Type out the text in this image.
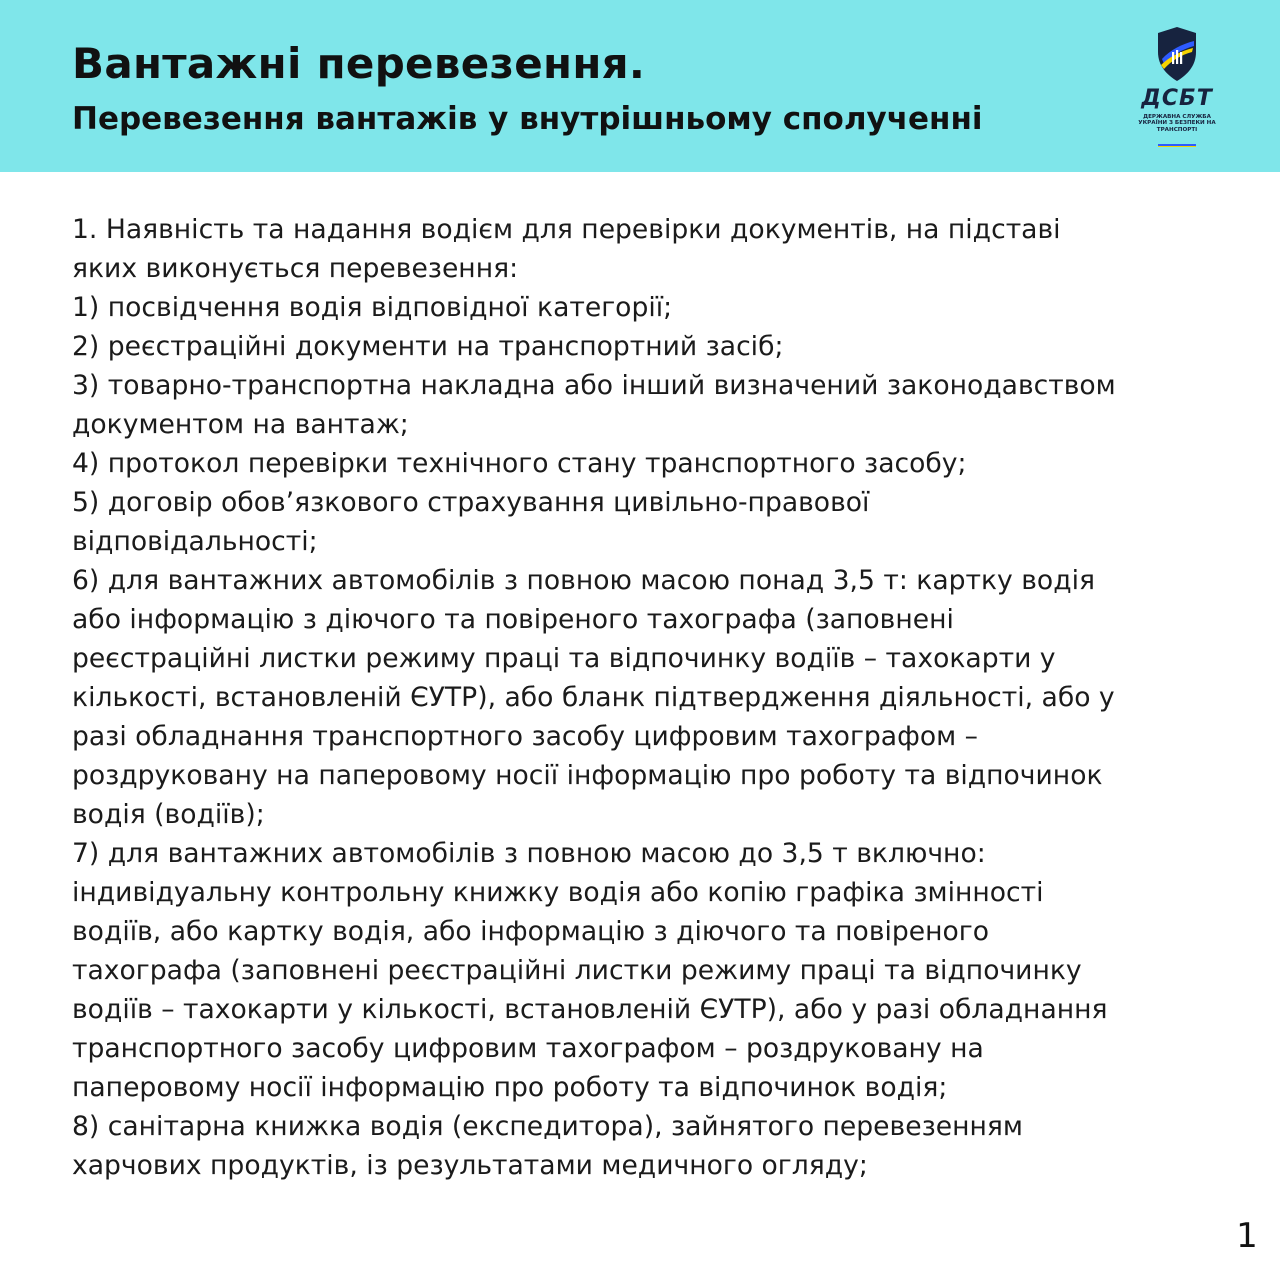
Вантажні перевезення.
Перевезення вантажів у внутрішньому сполученні
ДСБТ
ДЕРЖАВНА СЛУЖБА УКРАЇНИ З БЕЗПЕКИ НА ТРАНСПОРТІ
1. Наявність та надання водієм для перевірки документів, на підставі
яких виконується перевезення:
1) посвідчення водія відповідної категорії;
2) реєстраційні документи на транспортний засіб;
3) товарно-транспортна накладна або інший визначений законодавством
документом на вантаж;
4) протокол перевірки технічного стану транспортного засобу;
5) договір обов’язкового страхування цивільно-правової
відповідальності;
6) для вантажних автомобілів з повною масою понад 3,5 т: картку водія
або інформацію з діючого та повіреного тахографа (заповнені
реєстраційні листки режиму праці та відпочинку водіїв – тахокарти у
кількості, встановленій ЄУТР), або бланк підтвердження діяльності, або у
разі обладнання транспортного засобу цифровим тахографом –
роздруковану на паперовому носії інформацію про роботу та відпочинок
водія (водіїв);
7) для вантажних автомобілів з повною масою до 3,5 т включно:
індивідуальну контрольну книжку водія або копію графіка змінності
водіїв, або картку водія, або інформацію з діючого та повіреного
тахографа (заповнені реєстраційні листки режиму праці та відпочинку
водіїв – тахокарти у кількості, встановленій ЄУТР), або у разі обладнання
транспортного засобу цифровим тахографом – роздруковану на
паперовому носії інформацію про роботу та відпочинок водія;
8) санітарна книжка водія (експедитора), зайнятого перевезенням
харчових продуктів, із результатами медичного огляду;
1
